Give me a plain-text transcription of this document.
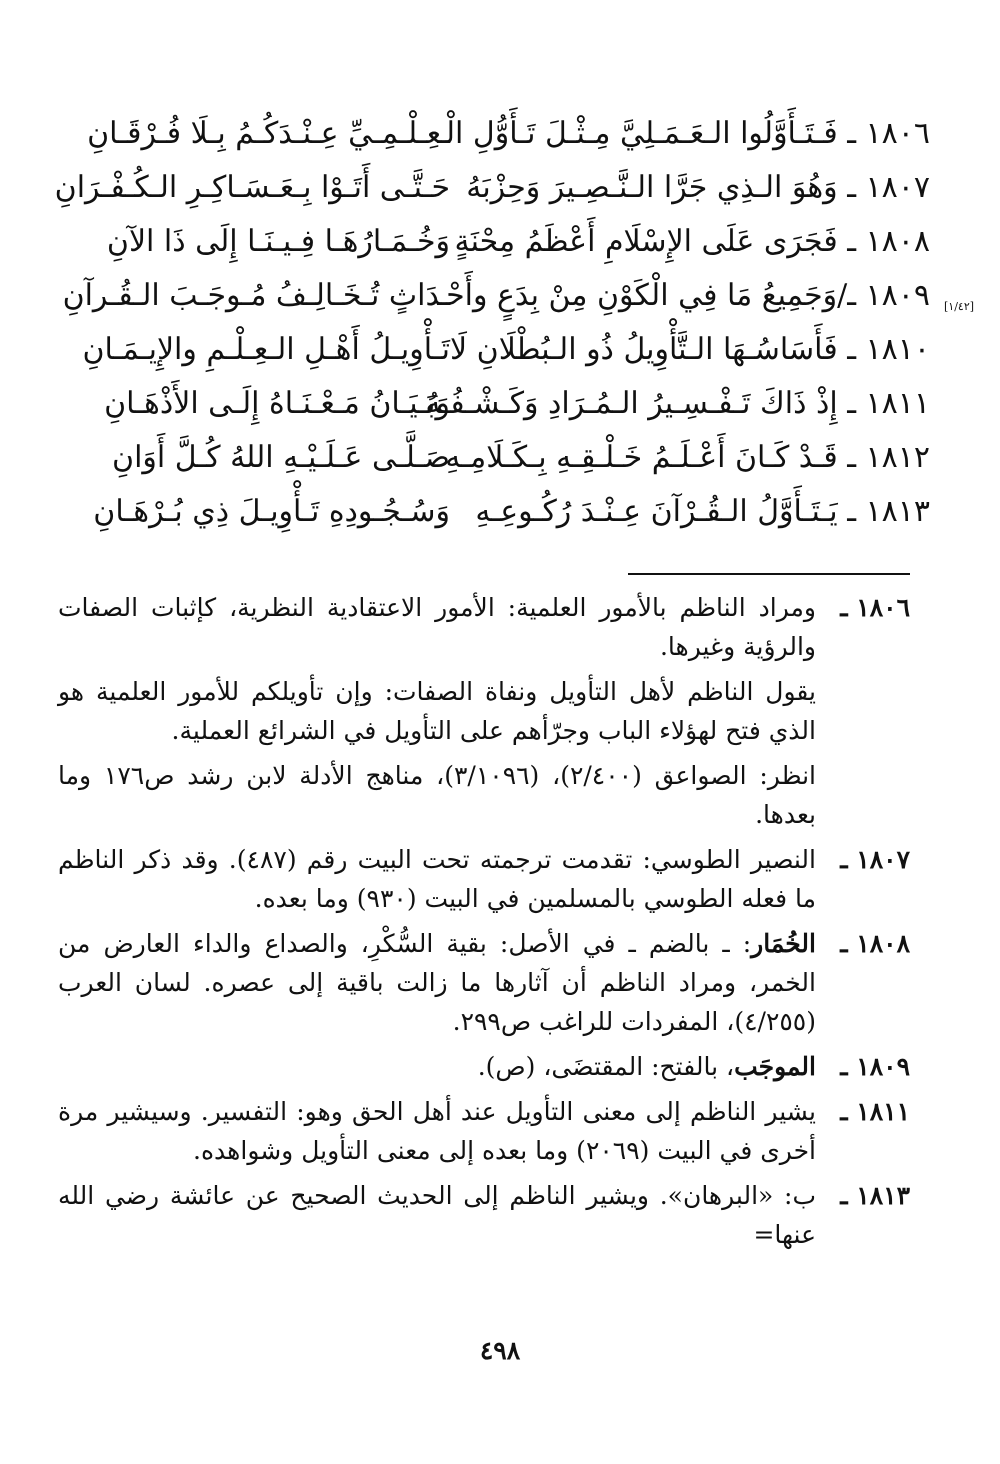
[١/٤٢]
١٨٠٦ ـ فَـتَـأَوَّلُوا الـعَـمَـلِيَّ مِـثْـلَ تَـأَوُّلِ الْـ
ـعِـلْـمِـيِّ عِـنْـدَكُـمُ بِـلَا فُـرْقَـانِ
١٨٠٧ ـ وَهُوَ الـذِي جَرَّا الـنَّـصِـيرَ وَحِزْبَهُ
حَـتَّـى أَتَـوْا بِـعَـسَـاكِـرِ الـكُـفْـرَانِ
١٨٠٨ ـ فَجَرَى عَلَى الإِسْلَامِ أَعْظَمُ مِحْنَةٍ
وَخُـمَـارُهَـا فِـيـنَـا إِلَى ذَا الآنِ
١٨٠٩ ـ/وَجَمِيعُ مَا فِي الْكَوْنِ مِنْ بِدَعٍ وأَحْـ
ـدَاثٍ تُـخَـالِـفُ مُـوجَـبَ الـقُـرآنِ
١٨١٠ ـ فَأَسَاسُـهَا الـتَّأْوِيلُ ذُو الـبُطْلَانِ لَا
تَـأْوِيـلُ أَهْـلِ الـعِـلْـمِ والإِيـمَـانِ
١٨١١ ـ إِذْ ذَاكَ تَـفْـسِـيرُ الـمُـرَادِ وَكَـشْـفُـهُ
وَبَـيَـانُ مَـعْـنَـاهُ إِلَـى الأَذْهَـانِ
١٨١٢ ـ قَـدْ كَـانَ أَعْـلَـمُ خَـلْـقِـهِ بِـكَـلَامِـهِ
صَـلَّـى عَـلَـيْـهِ اللهُ كُـلَّ أَوَانِ
١٨١٣ ـ يَـتَـأَوَّلُ الـقُـرْآنَ عِـنْـدَ رُكُـوعِـهِ
وَسُـجُـودِهِ تَـأْوِيـلَ ذِي بُـرْهَـانِ
١٨٠٦ ـ
ومراد الناظم بالأمور العلمية: الأمور الاعتقادية النظرية، كإثبات الصفات والرؤية وغيرها.
يقول الناظم لأهل التأويل ونفاة الصفات: وإن تأويلكم للأمور العلمية هو الذي فتح لهؤلاء الباب وجرّأهم على التأويل في الشرائع العملية.
انظر: الصواعق (٢/٤٠٠)، (٣/١٠٩٦)، مناهج الأدلة لابن رشد ص١٧٦ وما بعدها.
١٨٠٧ ـ
النصير الطوسي: تقدمت ترجمته تحت البيت رقم (٤٨٧). وقد ذكر الناظم ما فعله الطوسي بالمسلمين في البيت (٩٣٠) وما بعده.
١٨٠٨ ـ
الخُمَار: ـ بالضم ـ في الأصل: بقية السُّكْرِ، والصداع والداء العارض من الخمر، ومراد الناظم أن آثارها ما زالت باقية إلى عصره. لسان العرب (٤/٢٥٥)، المفردات للراغب ص٢٩٩.
١٨٠٩ ـ
الموجَب، بالفتح: المقتضَى، (ص).
١٨١١ ـ
يشير الناظم إلى معنى التأويل عند أهل الحق وهو: التفسير. وسيشير مرة أخرى في البيت (٢٠٦٩) وما بعده إلى معنى التأويل وشواهده.
١٨١٣ ـ
ب: «البرهان». ويشير الناظم إلى الحديث الصحيح عن عائشة رضي الله عنها=
٤٩٨
